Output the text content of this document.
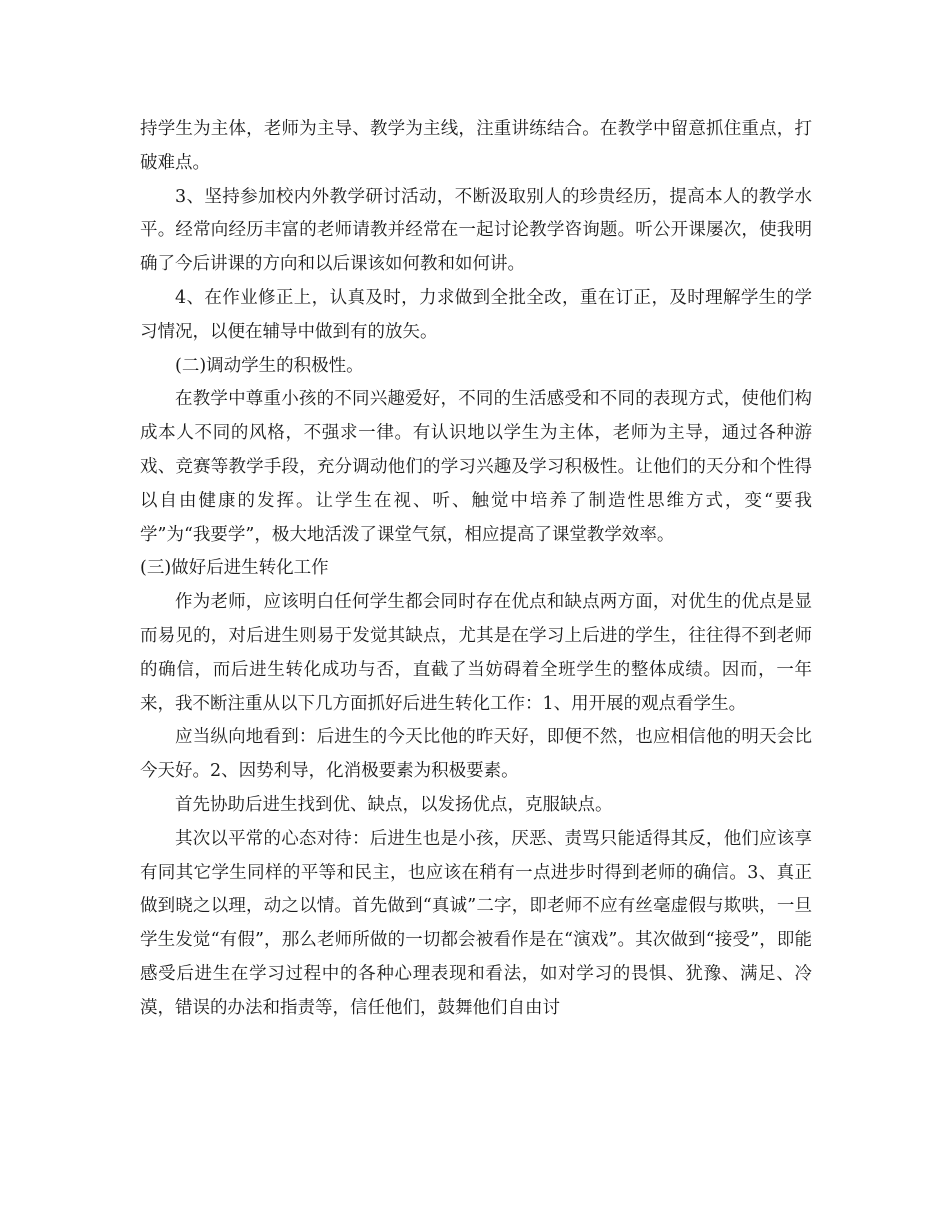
持学生为主体，老师为主导、教学为主线，注重讲练结合。在教学中留意抓住重点，打破难点。

3、坚持参加校内外教学研讨活动，不断汲取别人的珍贵经历，提高本人的教学水平。经常向经历丰富的老师请教并经常在一起讨论教学咨询题。听公开课屡次，使我明确了今后讲课的方向和以后课该如何教和如何讲。

4、在作业修正上，认真及时，力求做到全批全改，重在订正，及时理解学生的学习情况，以便在辅导中做到有的放矢。

(二)调动学生的积极性。

在教学中尊重小孩的不同兴趣爱好，不同的生活感受和不同的表现方式，使他们构成本人不同的风格，不强求一律。有认识地以学生为主体，老师为主导，通过各种游戏、竞赛等教学手段，充分调动他们的学习兴趣及学习积极性。让他们的天分和个性得以自由健康的发挥。让学生在视、听、触觉中培养了制造性思维方式，变“要我学”为“我要学”，极大地活泼了课堂气氛，相应提高了课堂教学效率。

(三)做好后进生转化工作

作为老师，应该明白任何学生都会同时存在优点和缺点两方面，对优生的优点是显而易见的，对后进生则易于发觉其缺点，尤其是在学习上后进的学生，往往得不到老师的确信，而后进生转化成功与否，直截了当妨碍着全班学生的整体成绩。因而，一年来，我不断注重从以下几方面抓好后进生转化工作：1、用开展的观点看学生。

应当纵向地看到：后进生的今天比他的昨天好，即便不然，也应相信他的明天会比今天好。2、因势利导，化消极要素为积极要素。

首先协助后进生找到优、缺点，以发扬优点，克服缺点。

其次以平常的心态对待：后进生也是小孩，厌恶、责骂只能适得其反，他们应该享有同其它学生同样的平等和民主，也应该在稍有一点进步时得到老师的确信。3、真正做到晓之以理，动之以情。首先做到“真诚”二字，即老师不应有丝毫虚假与欺哄，一旦学生发觉“有假”，那么老师所做的一切都会被看作是在“演戏”。其次做到“接受”，即能感受后进生在学习过程中的各种心理表现和看法，如对学习的畏惧、犹豫、满足、冷漠，错误的办法和指责等，信任他们，鼓舞他们自由讨
